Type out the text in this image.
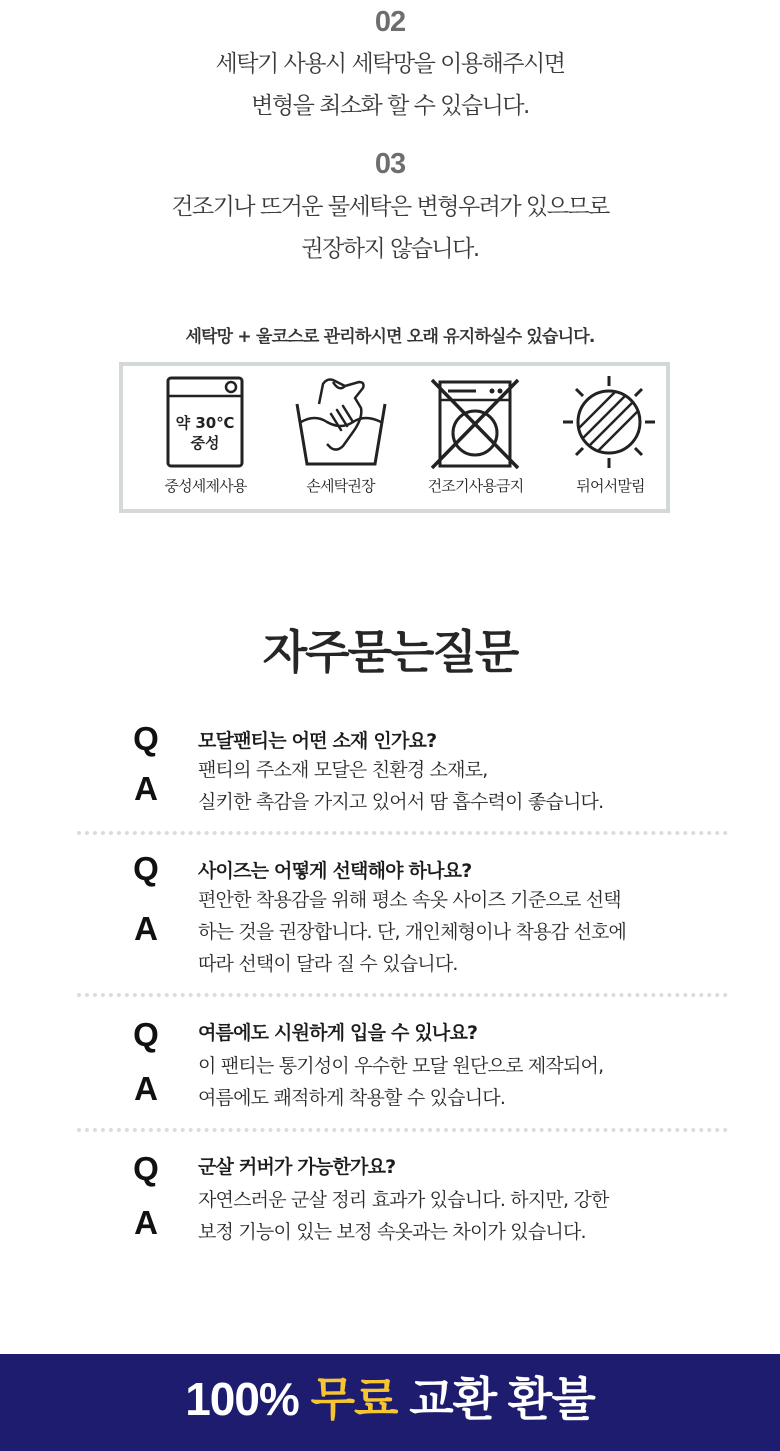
02
세탁기 사용시 세탁망을 이용해주시면
변형을 최소화 할 수 있습니다.
03
건조기나 뜨거운 물세탁은 변형우려가 있으므로
권장하지 않습니다.
세탁망 + 울코스로 관리하시면 오래 유지하실수 있습니다.
약 30℃
중성
중성세제사용	손세탁권장	건조기사용금지	뒤어서말림
자주묻는질문
Q
A
모달팬티는 어떤 소재 인가요?
팬티의 주소재 모달은 친환경 소재로,
실키한 촉감을 가지고 있어서 땀 흡수력이 좋습니다.
Q
A
사이즈는 어떻게 선택해야 하나요?
편안한 착용감을 위해 평소 속옷 사이즈 기준으로 선택
하는 것을 권장합니다. 단, 개인체형이나 착용감 선호에
따라 선택이 달라 질 수 있습니다.
Q
A
여름에도 시원하게 입을 수 있나요?
이 팬티는 통기성이 우수한 모달 원단으로 제작되어,
여름에도 쾌적하게 착용할 수 있습니다.
Q
A
군살 커버가 가능한가요?
자연스러운 군살 정리 효과가 있습니다. 하지만, 강한
보정 기능이 있는 보정 속옷과는 차이가 있습니다.
100% 무료 교환 환불
